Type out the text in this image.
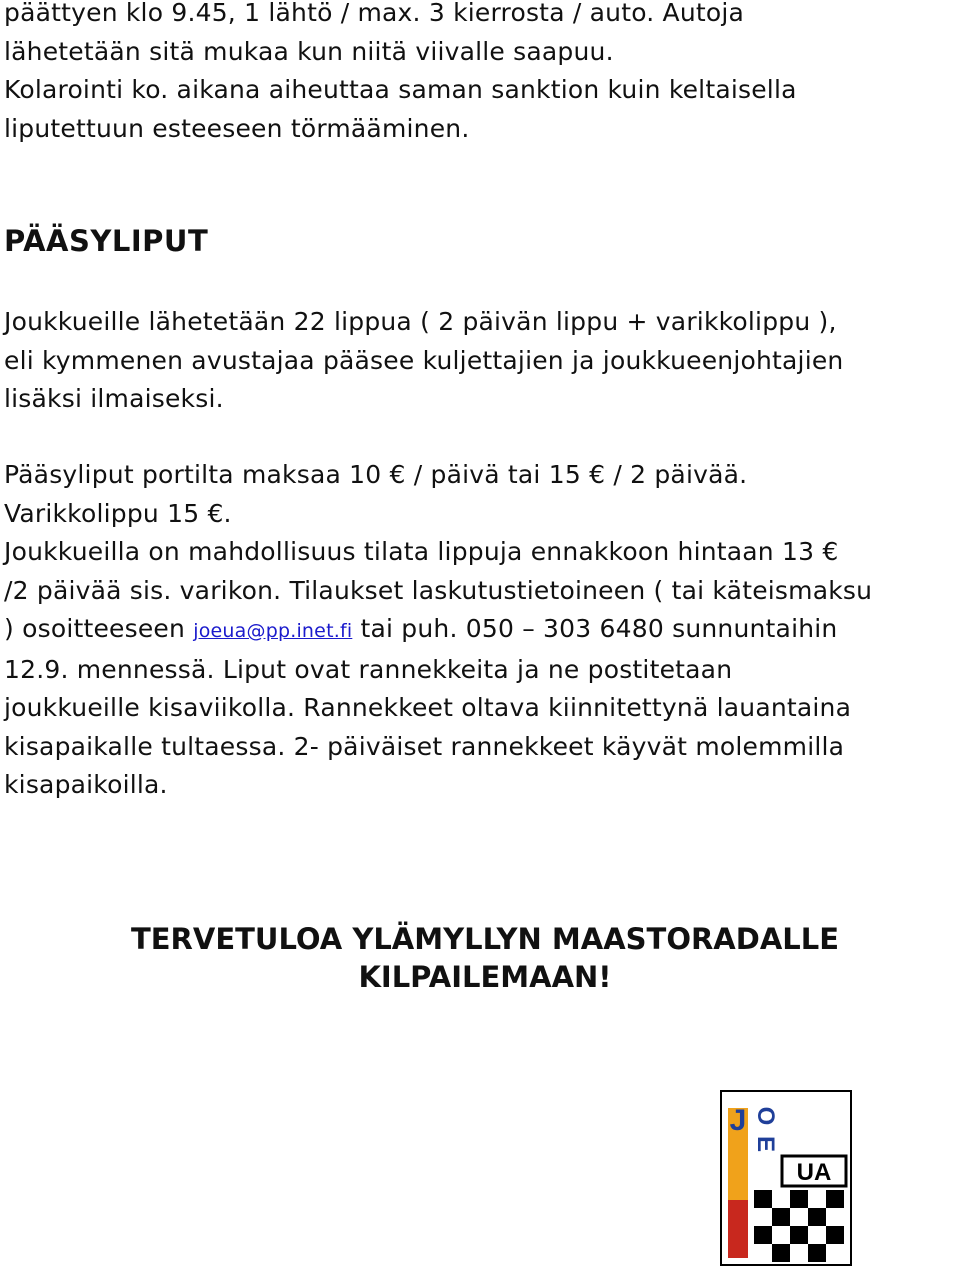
päättyen klo 9.45, 1 lähtö / max. 3 kierrosta / auto. Autoja
lähetetään sitä mukaa kun niitä viivalle saapuu.
Kolarointi ko. aikana aiheuttaa saman sanktion kuin keltaisella
liputettuun esteeseen törmääminen.
PÄÄSYLIPUT
Joukkueille lähetetään 22 lippua ( 2 päivän lippu + varikkolippu ),
eli kymmenen avustajaa pääsee kuljettajien ja joukkueenjohtajien
lisäksi ilmaiseksi.
Pääsyliput portilta maksaa 10 € / päivä tai 15 € / 2 päivää.
Varikkolippu 15 €.
Joukkueilla on mahdollisuus tilata lippuja ennakkoon hintaan 13 €
/2 päivää sis. varikon. Tilaukset laskutustietoineen ( tai käteismaksu
) osoitteeseen joeua@pp.inet.fi tai puh. 050 – 303 6480 sunnuntaihin
12.9. mennessä. Liput ovat rannekkeita ja ne postitetaan
joukkueille kisaviikolla. Rannekkeet oltava kiinnitettynä lauantaina
kisapaikalle tultaessa. 2- päiväiset rannekkeet käyvät molemmilla
kisapaikoilla.
TERVETULOA YLÄMYLLYN MAASTORADALLE
KILPAILEMAAN!
J O
E
UA
